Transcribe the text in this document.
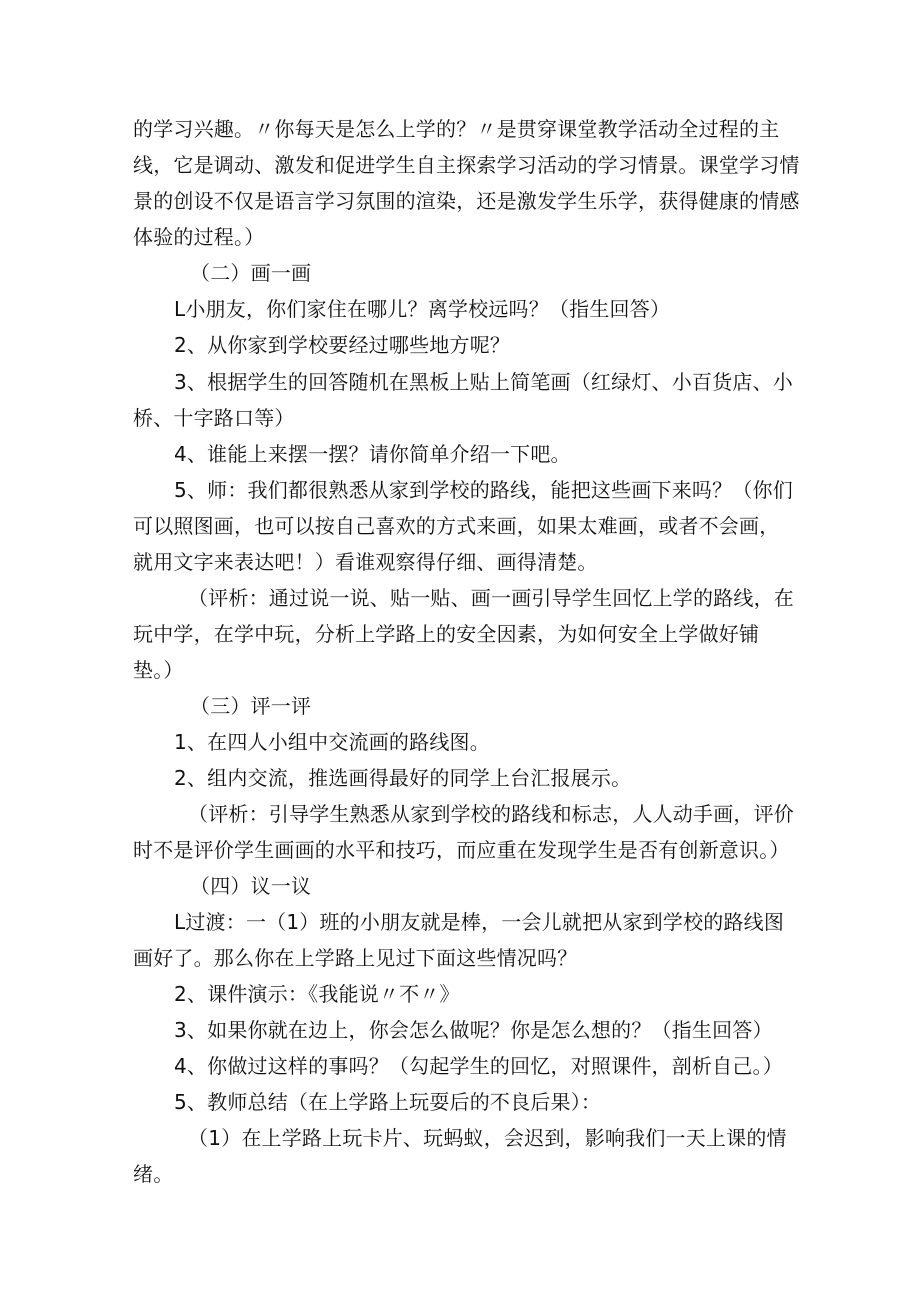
的学习兴趣。〃你每天是怎么上学的？〃是贯穿课堂教学活动全过程的主
线，它是调动、激发和促进学生自主探索学习活动的学习情景。课堂学习情
景的创设不仅是语言学习氛围的渲染，还是激发学生乐学，获得健康的情感
体验的过程。）
（二）画一画
L小朋友，你们家住在哪儿？离学校远吗？（指生回答）
2、从你家到学校要经过哪些地方呢？
3、根据学生的回答随机在黑板上贴上简笔画（红绿灯、小百货店、小
桥、十字路口等）
4、谁能上来摆一摆？请你简单介绍一下吧。
5、师：我们都很熟悉从家到学校的路线，能把这些画下来吗？（你们
可以照图画，也可以按自己喜欢的方式来画，如果太难画，或者不会画，
就用文字来表达吧！）看谁观察得仔细、画得清楚。
（评析：通过说一说、贴一贴、画一画引导学生回忆上学的路线，在
玩中学，在学中玩，分析上学路上的安全因素，为如何安全上学做好铺
垫。）
（三）评一评
1、在四人小组中交流画的路线图。
2、组内交流，推选画得最好的同学上台汇报展示。
（评析：引导学生熟悉从家到学校的路线和标志，人人动手画，评价
时不是评价学生画画的水平和技巧，而应重在发现学生是否有创新意识。）
（四）议一议
L过渡：一（1）班的小朋友就是棒，一会儿就把从家到学校的路线图
画好了。那么你在上学路上见过下面这些情况吗？
2、课件演示：《我能说〃不〃》
3、如果你就在边上，你会怎么做呢？你是怎么想的？（指生回答）
4、你做过这样的事吗？（勾起学生的回忆，对照课件，剖析自己。）
5、教师总结（在上学路上玩耍后的不良后果）：
（1）在上学路上玩卡片、玩蚂蚁，会迟到，影响我们一天上课的情
绪。
